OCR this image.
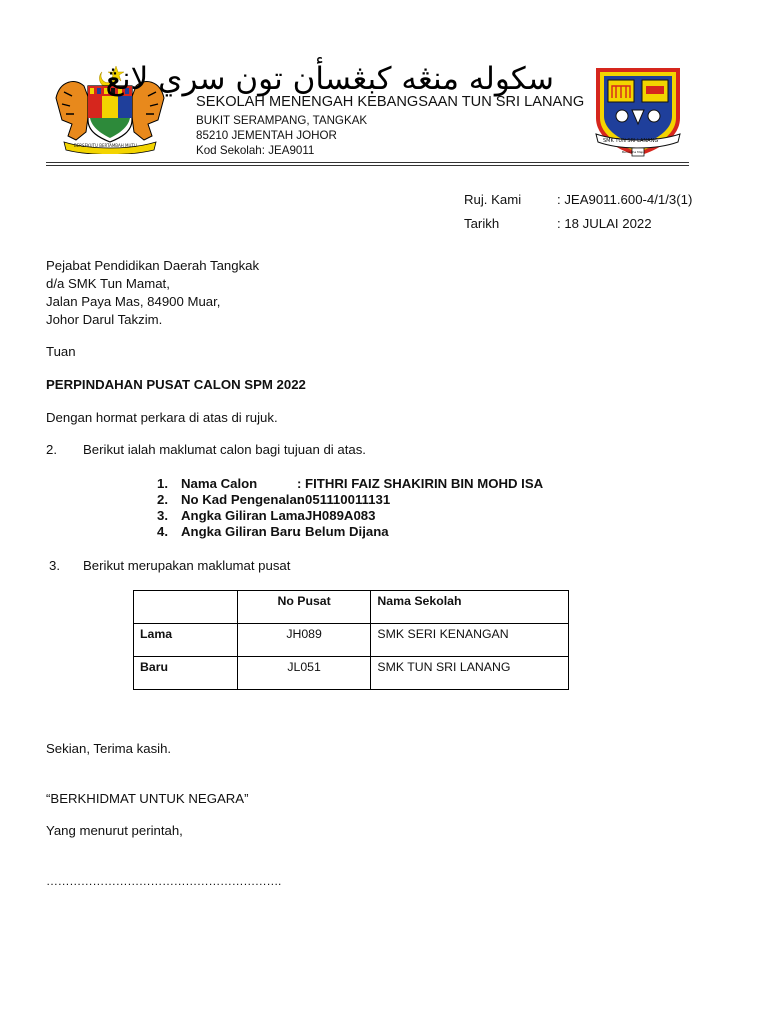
BERSEKUTU BERTAMBAH MUTU
سکوله منڠه کبڠسأن تون سري لانڠ
SEKOLAH MENENGAH KEBANGSAAN TUN SRI LANANG
BUKIT SERAMPANG, TANGKAK
85210 JEMENTAH JOHOR
Kod Sekolah: JEA9011
SMK TUN SRI LANANG
Berusaha Maju
Ruj. Kami	: JEA9011.600-4/1/3(1)
Tarikh	: 18 JULAI 2022
Pejabat Pendidikan Daerah Tangkak
d/a SMK Tun Mamat,
Jalan Paya Mas, 84900 Muar,
Johor Darul Takzim.
Tuan
PERPINDAHAN PUSAT CALON SPM 2022
Dengan hormat perkara di atas di rujuk.
2. Berikut ialah maklumat calon bagi tujuan di atas.
1. Nama Calon	: FITHRI FAIZ SHAKIRIN BIN MOHD ISA
2. No Kad Pengenalan
: 051110011131
3. Angka Giliran Lama
: JH089A083
4. Angka Giliran Baru
: Belum Dijana
3. Berikut merupakan maklumat pusat
	No Pusat	Nama Sekolah
Lama	JH089	SMK SERI KENANGAN
Baru	JL051	SMK TUN SRI LANANG
Sekian, Terima kasih.
“BERKHIDMAT UNTUK NEGARA”
Yang menurut perintah,
…………………………………………………….
